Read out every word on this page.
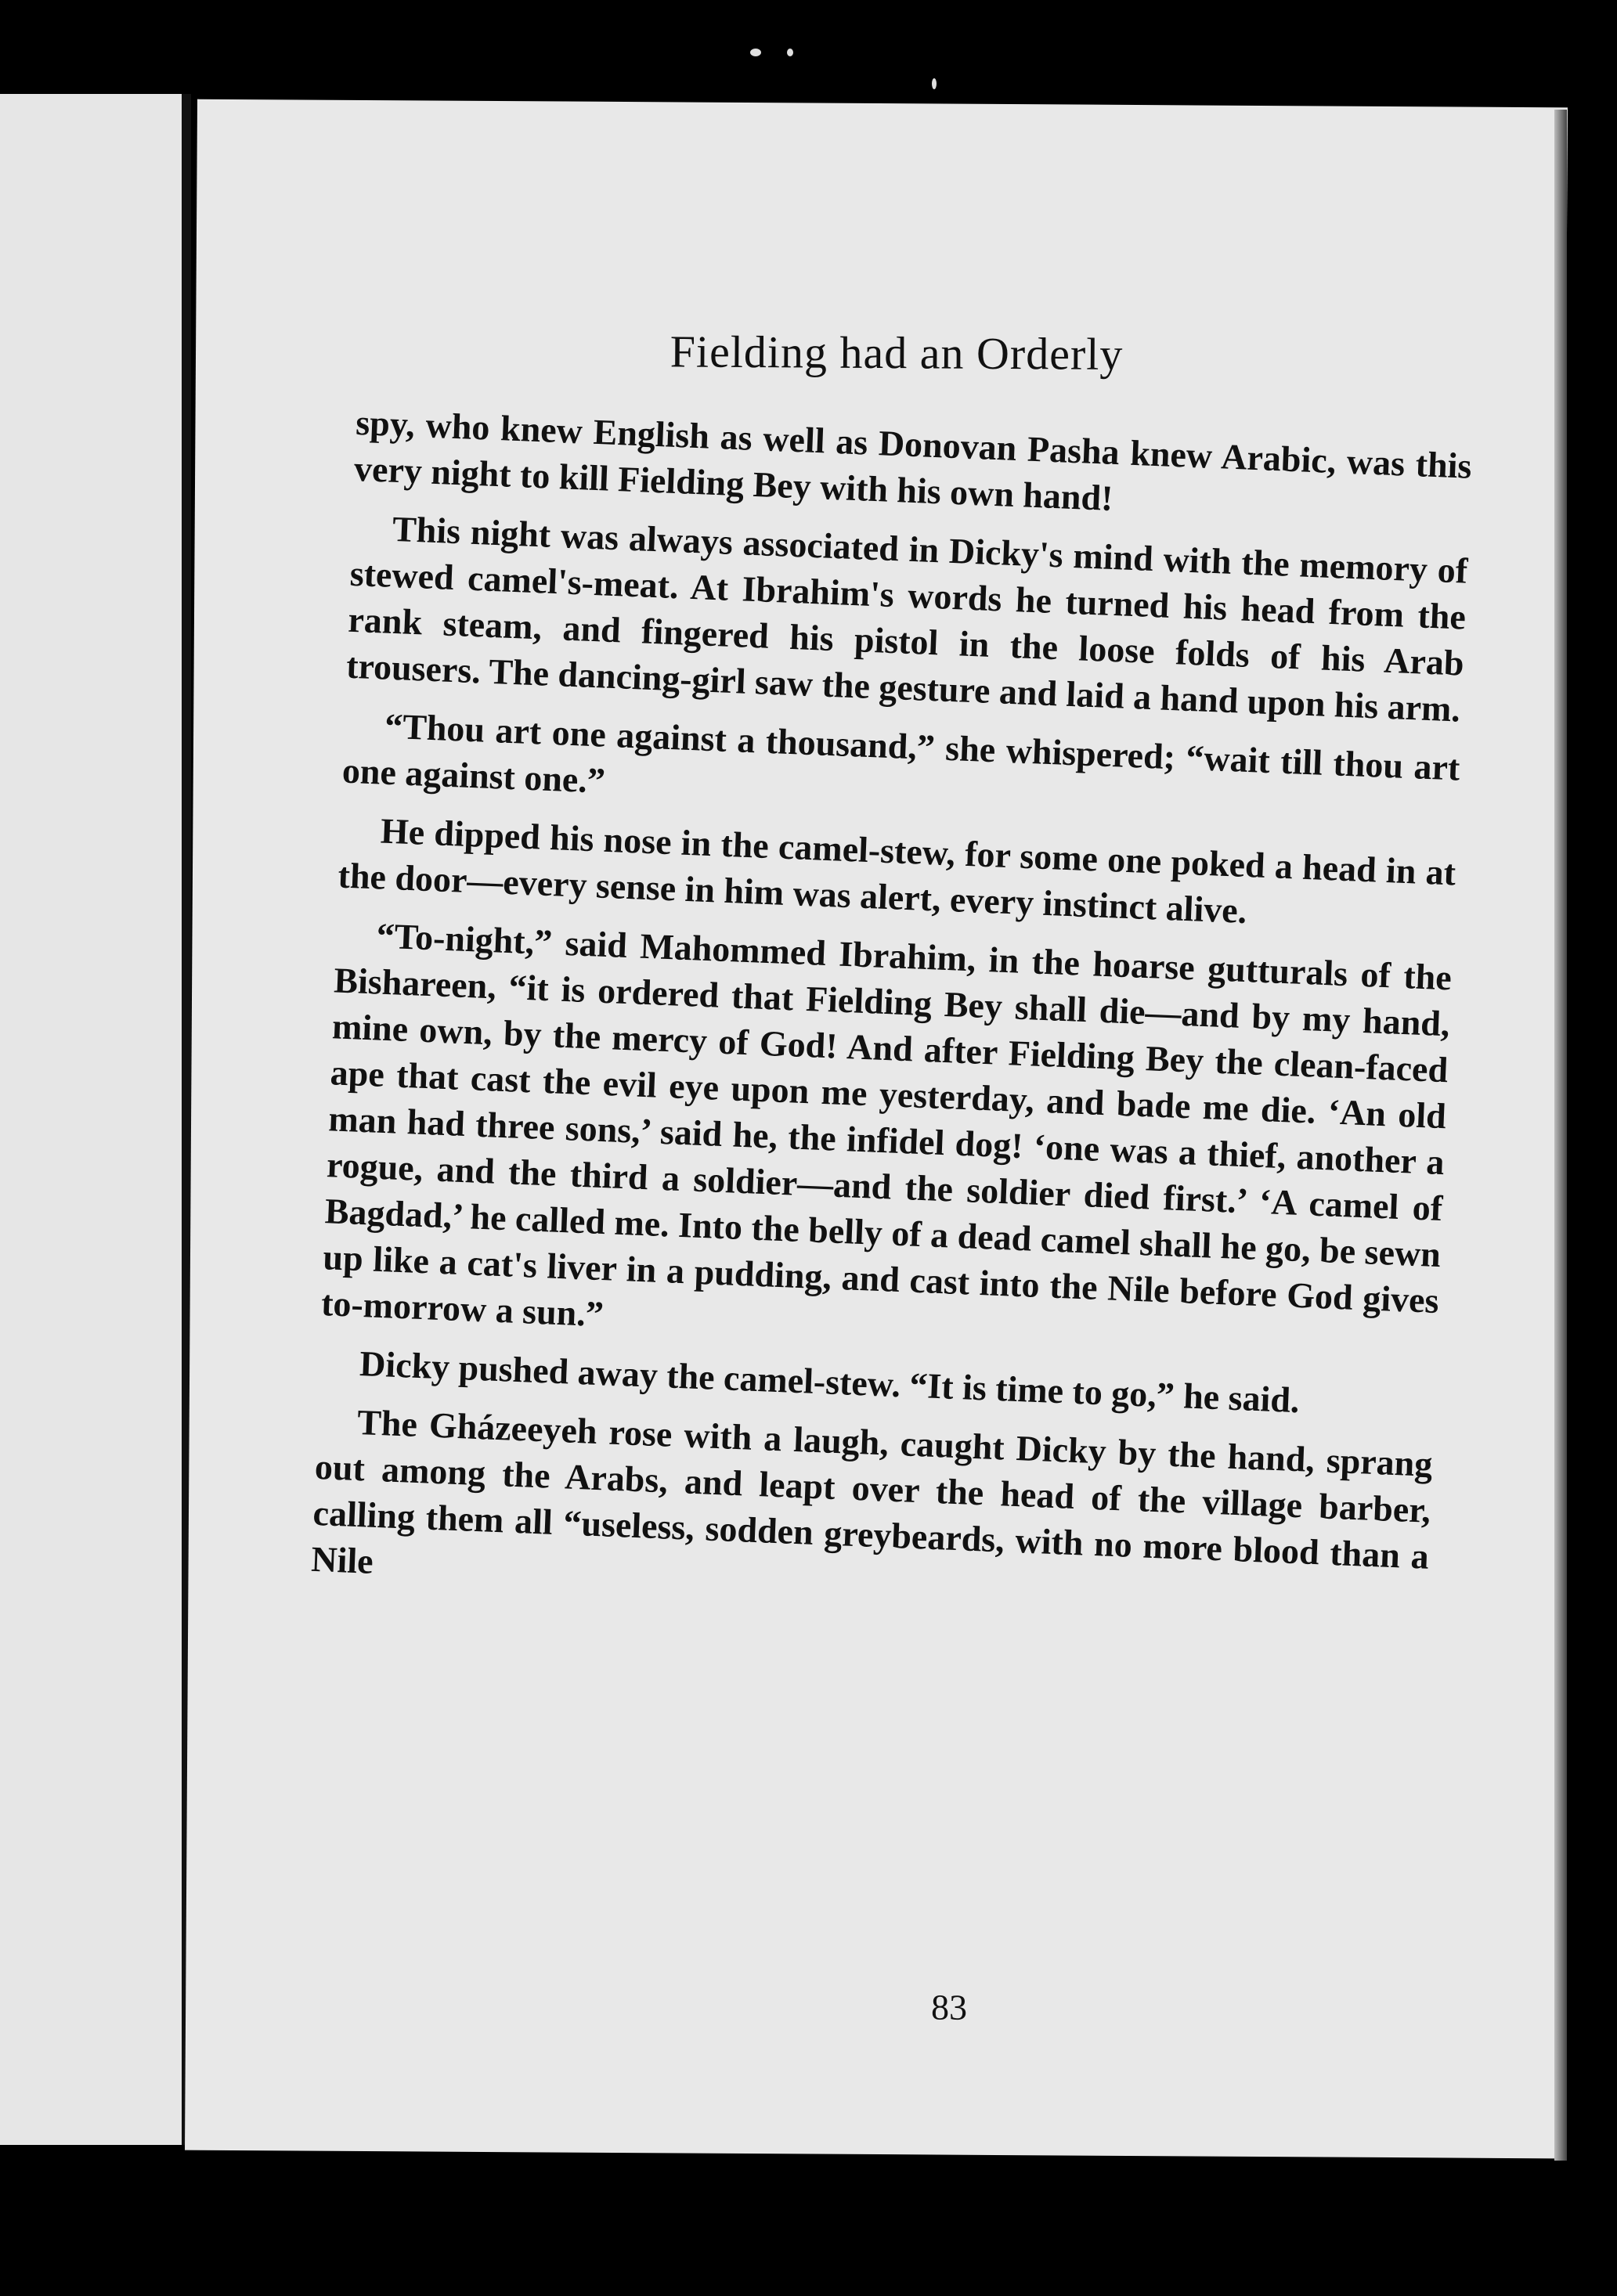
Fielding had an Orderly

spy, who knew English as well as Donovan Pasha knew Arabic, was this very night to kill Fielding Bey with his own hand!

This night was always associated in Dicky's mind with the memory of stewed camel's-meat. At Ibrahim's words he turned his head from the rank steam, and fingered his pistol in the loose folds of his Arab trousers. The dancing-girl saw the gesture and laid a hand upon his arm.

“Thou art one against a thousand,” she whispered; “wait till thou art one against one.”

He dipped his nose in the camel-stew, for some one poked a head in at the door—every sense in him was alert, every instinct alive.

“To-night,” said Mahommed Ibrahim, in the hoarse gutturals of the Bishareen, “it is ordered that Fielding Bey shall die—and by my hand, mine own, by the mercy of God! And after Fielding Bey the clean-faced ape that cast the evil eye upon me yesterday, and bade me die. ‘An old man had three sons,’ said he, the infidel dog! ‘one was a thief, another a rogue, and the third a soldier—and the soldier died first.’ ‘A camel of Bagdad,’ he called me. Into the belly of a dead camel shall he go, be sewn up like a cat's liver in a pudding, and cast into the Nile before God gives to-morrow a sun.”

Dicky pushed away the camel-stew. “It is time to go,” he said.

The Gházeeyeh rose with a laugh, caught Dicky by the hand, sprang out among the Arabs, and leapt over the head of the village barber, calling them all “useless, sodden greybeards, with no more blood than a Nile

83
